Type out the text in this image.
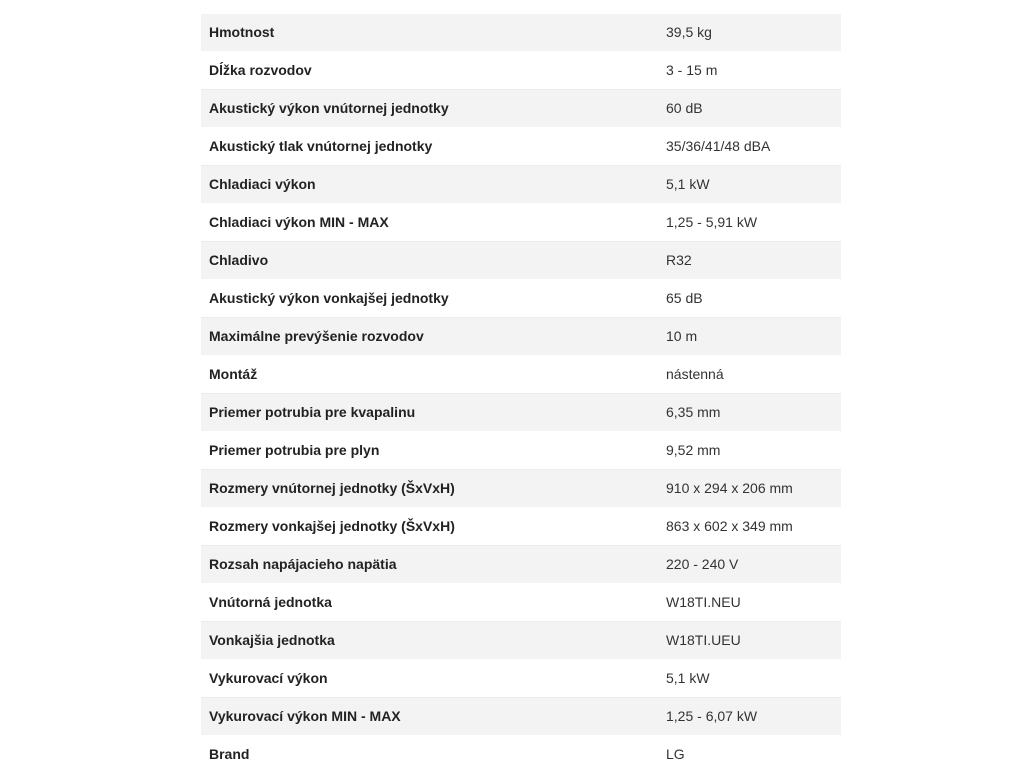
Hmotnost	39,5 kg
Dĺžka rozvodov	3 - 15 m
Akustický výkon vnútornej jednotky	60 dB
Akustický tlak vnútornej jednotky	35/36/41/48 dBA
Chladiaci výkon	5,1 kW
Chladiaci výkon MIN - MAX	1,25 - 5,91 kW
Chladivo	R32
Akustický výkon vonkajšej jednotky	65 dB
Maximálne prevýšenie rozvodov	10 m
Montáž	nástenná
Priemer potrubia pre kvapalinu	6,35 mm
Priemer potrubia pre plyn	9,52 mm
Rozmery vnútornej jednotky (ŠxVxH)	910 x 294 x 206 mm
Rozmery vonkajšej jednotky (ŠxVxH)	863 x 602 x 349 mm
Rozsah napájacieho napätia	220 - 240 V
Vnútorná jednotka	W18TI.NEU
Vonkajšia jednotka	W18TI.UEU
Vykurovací výkon	5,1 kW
Vykurovací výkon MIN - MAX	1,25 - 6,07 kW
Brand	LG
